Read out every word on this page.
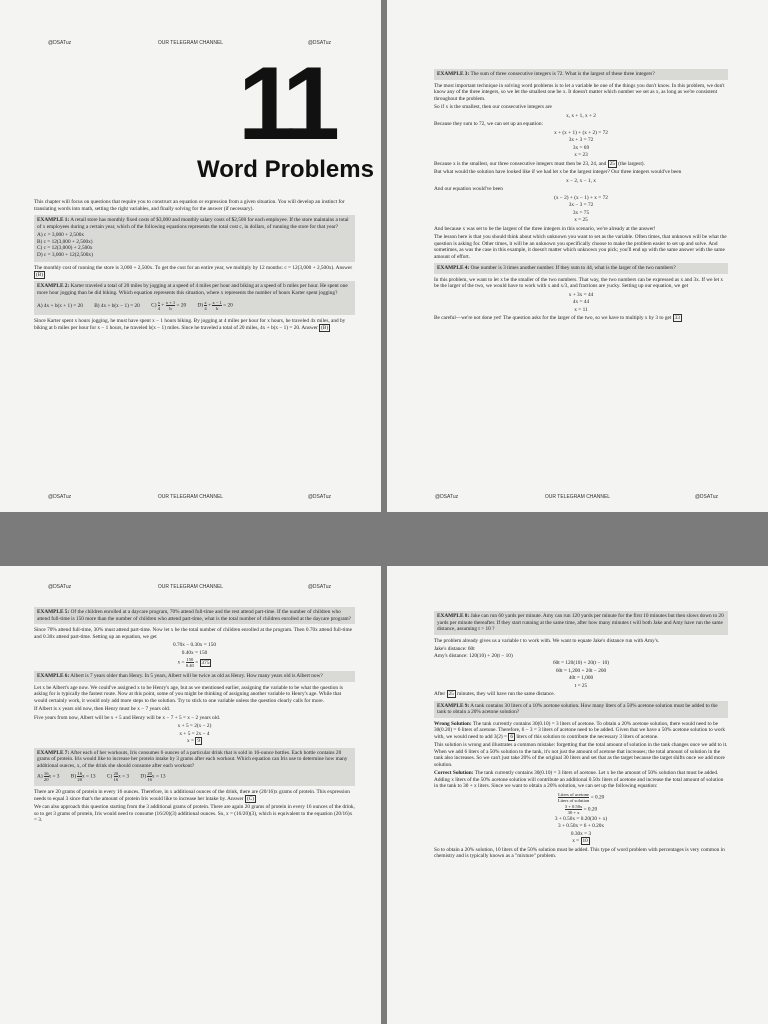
@DSATuz	OUR TELEGRAM CHANNEL	@DSATuz
11
Word Problems

This chapter will focus on questions that require you to construct an equation or expression from a given situation. You will develop an instinct for translating words into math, setting the right variables, and finally solving for the answer (if necessary).

EXAMPLE 1: A retail store has monthly fixed costs of $3,000 and monthly salary costs of $2,500 for each employee. If the store maintains a total of x employees during a certain year, which of the following equations represents the total cost c, in dollars, of running the store for that year?
A) c = 3,000 + 2,500x
B) c = 12(3,000 + 2,500x)
C) c = 12(3,000) + 2,500x
D) c = 3,000 + 12(2,500x)

The monthly cost of running the store is 3,000 + 2,500x. To get the cost for an entire year, we multiply by 12 months: c = 12(3,000 + 2,500x). Answer (B)

EXAMPLE 2: Karter traveled a total of 20 miles by jogging at a speed of 4 miles per hour and biking at a speed of b miles per hour. He spent one more hour jogging than he did biking. Which equation represents this situation, where x represents the number of hours Karter spent jogging?
A) 4x + b(x + 1) = 20 B) 4x + b(x − 1) = 20 $C) \frac{x}{4} + \frac{x + 1}{b} = 20$ $D) \frac{x}{4} + \frac{x - 1}{b} = 20$

Since Karter spent x hours jogging, he must have spent x − 1 hours biking. By jogging at 4 miles per hour for x hours, he traveled 4x miles, and by biking at b miles per hour for x − 1 hours, he traveled b(x − 1) miles. Since he traveled a total of 20 miles, 4x + b(x − 1) = 20. Answer (B)

@DSATuz	OUR TELEGRAM CHANNEL	@DSATuz
EXAMPLE 3: The sum of three consecutive integers is 72. What is the largest of these three integers?

The most important technique in solving word problems is to let a variable be one of the things you don't know. In this problem, we don't know any of the three integers, so we let the smallest one be x. It doesn't matter which number we set as x, as long as we're consistent throughout the problem.

So if x is the smallest, then our consecutive integers are

x, x + 1, x + 2

Because they sum to 72, we can set up an equation:

x + (x + 1) + (x + 2) = 72
3x + 3 = 72
3x = 69
x = 23

Because x is the smallest, our three consecutive integers must then be 23, 24, and 25 (the largest).

But what would the solution have looked like if we had let x be the largest integer? Our three integers would've been

x − 2, x − 1, x

And our equation would've been

(x − 2) + (x − 1) + x = 72
3x − 3 = 72
3x = 75
x = 25

And because x was set to be the largest of the three integers in this scenario, we're already at the answer!

The lesson here is that you should think about which unknown you want to set as the variable. Often times, that unknown will be what the question is asking for. Other times, it will be an unknown you specifically choose to make the problem easier to set up and solve. And sometimes, as was the case in this example, it doesn't matter which unknown you pick; you'll end up with the same answer with the same amount of effort.

EXAMPLE 4: One number is 3 times another number. If they sum to 44, what is the larger of the two numbers?

In this problem, we want to let x be the smaller of the two numbers. That way, the two numbers can be expressed as x and 3x. If we let x be the larger of the two, we would have to work with x and x/3, and fractions are yucky. Setting up our equation, we get

x + 3x = 44
4x = 44
x = 11

Be careful—we're not done yet! The question asks for the larger of the two, so we have to multiply x by 3 to get 33

@DSATuz	OUR TELEGRAM CHANNEL	@DSATuz
@DSATuz	OUR TELEGRAM CHANNEL	@DSATuz
EXAMPLE 5: Of the children enrolled at a daycare program, 70% attend full-time and the rest attend part-time. If the number of children who attend full-time is 150 more than the number of children who attend part-time, what is the total number of children enrolled at the daycare program?

Since 70% attend full-time, 30% must attend part-time. Now let x be the total number of children enrolled at the program. Then 0.70x attend full-time and 0.30x attend part-time. Setting up an equation, we get

0.70x − 0.30x = 150
0.40x = 150
$x = \frac{150}{0.40} = 375$
EXAMPLE 6: Albert is 7 years older than Henry. In 5 years, Albert will be twice as old as Henry. How many years old is Albert now?

Let x be Albert's age now. We could've assigned x to be Henry's age, but as we mentioned earlier, assigning the variable to be what the question is asking for is typically the fastest route. Now at this point, some of you might be thinking of assigning another variable to Henry's age. While that would certainly work, it would only add more steps to the solution. Try to stick to one variable unless the question clearly calls for more.

If Albert is x years old now, then Henry must be x − 7 years old.

Five years from now, Albert will be x + 5 and Henry will be x − 7 + 5 = x − 2 years old.

x + 5 = 2(x − 2)
x + 5 = 2x − 4
x = 9
EXAMPLE 7: After each of her workouts, Iris consumes 6 ounces of a particular drink that is sold in 16-ounce bottles. Each bottle contains 20 grams of protein. Iris would like to increase her protein intake by 3 grams after each workout. Which equation can Iris use to determine how many additional ounces, x, of the drink she should consume after each workout?
$A) \frac{16}{20}$ x = 3 $B) \frac{16}{20}$ x = 13 $C) \frac{20}{16}$ x = 3 $D) \frac{20}{16}$ x = 13

There are 20 grams of protein in every 16 ounces. Therefore, in x additional ounces of the drink, there are (20/16)x grams of protein. This expression needs to equal 3 since that's the amount of protein Iris would like to increase her intake by. Answer (C)

We can also approach this question starting from the 3 additional grams of protein. There are again 20 grams of protein in every 16 ounces of the drink, so to get 3 grams of protein, Iris would need to consume (16/20)(3) additional ounces. So, x = (16/20)(3), which is equivalent to the equation (20/16)x = 3.

EXAMPLE 8: Jake can run 60 yards per minute. Amy can run 120 yards per minute for the first 10 minutes but then slows down to 20 yards per minute thereafter. If they start running at the same time, after how many minutes t will both Jake and Amy have run the same distance, assuming t > 10 ?

The problem already gives us a variable t to work with. We want to equate Jake's distance run with Amy's.

Jake's distance: 60t
Amy's distance: 120(10) + 20(t − 10)
60t = 120(10) + 20(t − 10)
60t = 1,200 + 20t − 200
40t = 1,000
t = 25

After 25 minutes, they will have run the same distance.

EXAMPLE 9: A tank contains 30 liters of a 10% acetone solution. How many liters of a 50% acetone solution must be added to the tank to obtain a 20% acetone solution?

Wrong Solution: The tank currently contains 30(0.10) = 3 liters of acetone. To obtain a 20% acetone solution, there would need to be 30(0.20) = 6 liters of acetone. Therefore, 6 − 3 = 3 liters of acetone need to be added. Given that we have a 50% acetone solution to work with, we would need to add 3(2) = 6 liters of this solution to contribute the necessary 3 liters of acetone.

This solution is wrong and illustrates a common mistake: forgetting that the total amount of solution in the tank changes once we add to it. When we add 6 liters of a 50% solution to the tank, it's not just the amount of acetone that increases; the total amount of solution in the tank also increases. So we can't just take 20% of the original 30 liters and set that as the target because the target shifts once we add more solution.

Correct Solution: The tank currently contains 30(0.10) = 3 liters of acetone. Let x be the amount of 50% solution that must be added. Adding x liters of the 50% acetone solution will contribute an additional 0.50x liters of acetone and increase the total amount of solution in the tank to 30 + x liters. Since we want to obtain a 20% solution, we can set up the following equation:

$\frac{\text{Liters of acetone}}{\text{Liters of solution}} = 0.20$
$\frac{3 + 0.50x}{30 + x} = 0.20$
3 + 0.50x = 0.20(30 + x)
3 + 0.50x = 6 + 0.20x
0.30x = 3
x = 10

So to obtain a 20% solution, 10 liters of the 50% solution must be added. This type of word problem with percentages is very common in chemistry and is typically known as a "mixture" problem.
